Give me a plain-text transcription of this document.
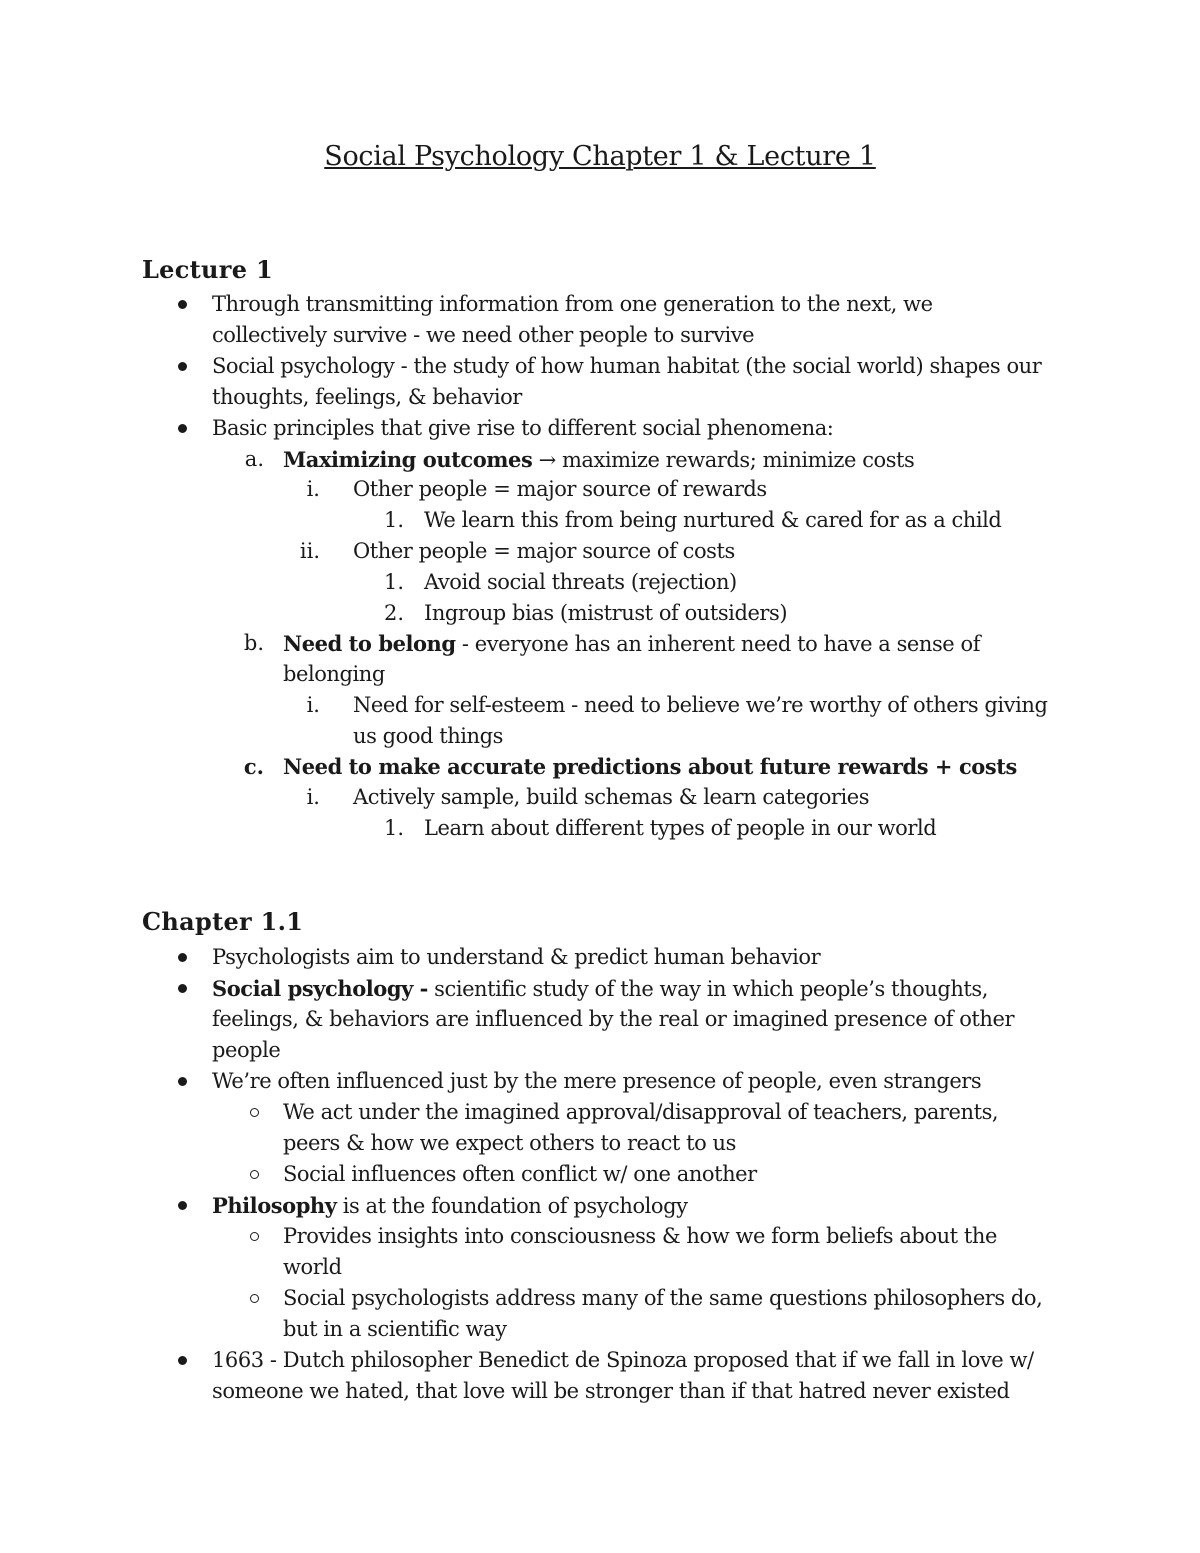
Social Psychology Chapter 1 & Lecture 1
Lecture 1
Through transmitting information from one generation to the next, we
collectively survive - we need other people to survive
Social psychology - the study of how human habitat (the social world) shapes our
thoughts, feelings, & behavior
Basic principles that give rise to different social phenomena:
a. Maximizing outcomes → maximize rewards; minimize costs
i. Other people = major source of rewards
1. We learn this from being nurtured & cared for as a child
ii. Other people = major source of costs
1. Avoid social threats (rejection)
2. Ingroup bias (mistrust of outsiders)
b. Need to belong - everyone has an inherent need to have a sense of
belonging
i. Need for self-esteem - need to believe we’re worthy of others giving
us good things
c. Need to make accurate predictions about future rewards + costs
i. Actively sample, build schemas & learn categories
1. Learn about different types of people in our world
Chapter 1.1
Psychologists aim to understand & predict human behavior
Social psychology - scientific study of the way in which people’s thoughts,
feelings, & behaviors are influenced by the real or imagined presence of other
people
We’re often influenced just by the mere presence of people, even strangers
We act under the imagined approval/disapproval of teachers, parents,
peers & how we expect others to react to us
Social influences often conflict w/ one another
Philosophy is at the foundation of psychology
Provides insights into consciousness & how we form beliefs about the
world
Social psychologists address many of the same questions philosophers do,
but in a scientific way
1663 - Dutch philosopher Benedict de Spinoza proposed that if we fall in love w/
someone we hated, that love will be stronger than if that hatred never existed
